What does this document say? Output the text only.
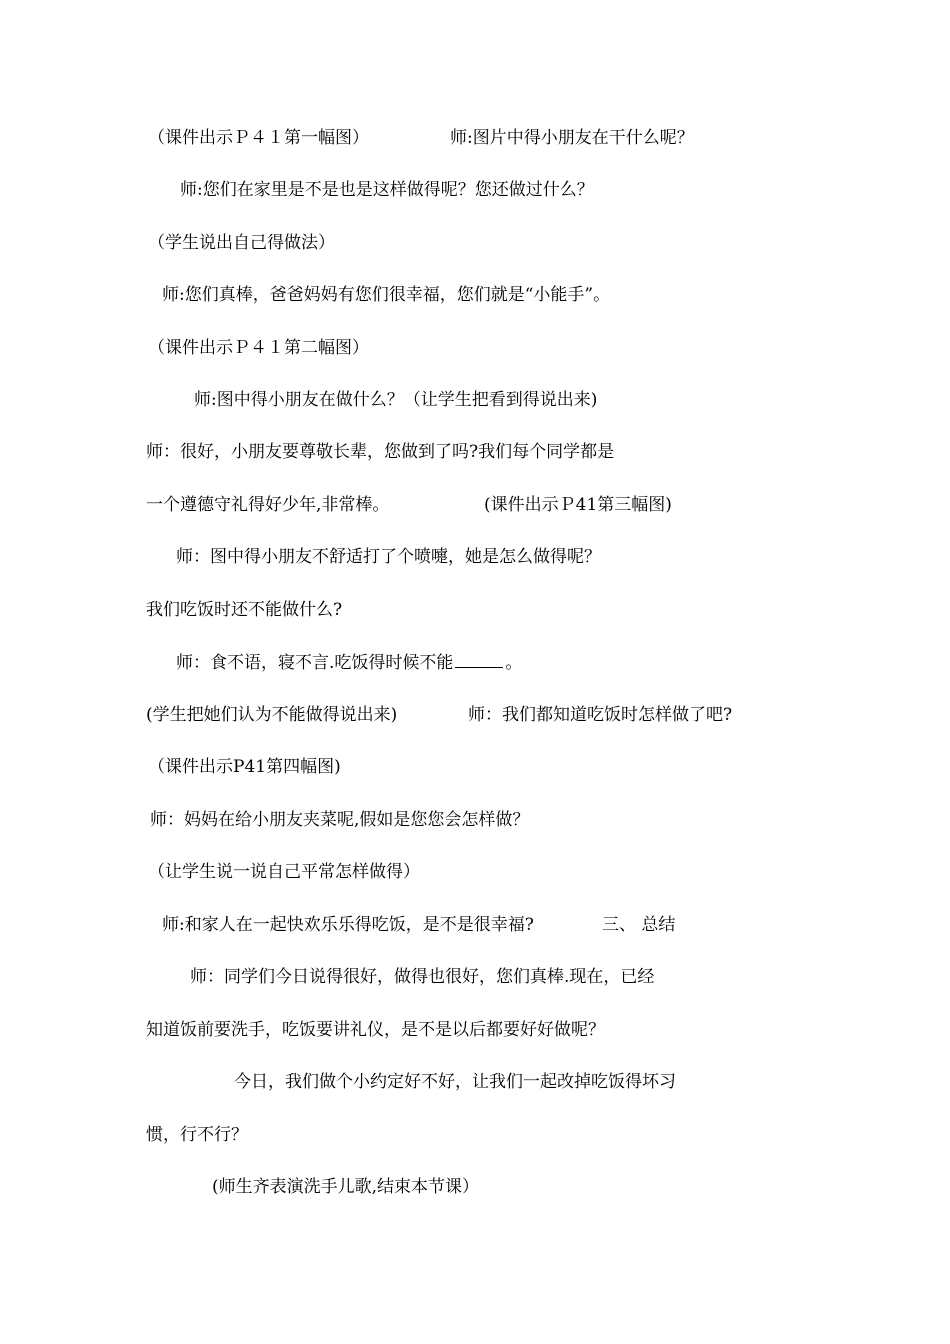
（课件出示Ｐ４１第一幅图）	师:图片中得小朋友在干什么呢？
师:您们在家里是不是也是这样做得呢？您还做过什么？
（学生说出自己得做法）
师:您们真棒，爸爸妈妈有您们很幸福，您们就是“小能手”。
（课件出示Ｐ４１第二幅图）
师:图中得小朋友在做什么？（让学生把看到得说出来)
师：很好，小朋友要尊敬长辈，您做到了吗?我们每个同学都是
一个遵德守礼得好少年,非常棒。	(课件出示Ｐ41第三幅图)
师：图中得小朋友不舒适打了个喷嚏，她是怎么做得呢？
我们吃饭时还不能做什么?
师：食不语，寝不言.吃饭得时候不能	。
(学生把她们认为不能做得说出来)	师：我们都知道吃饭时怎样做了吧?
（课件出示P41第四幅图)
师：妈妈在给小朋友夹菜呢,假如是您您会怎样做？
（让学生说一说自己平常怎样做得）
师:和家人在一起快欢乐乐得吃饭，是不是很幸福?	三、 总结
师：同学们今日说得很好，做得也很好，您们真棒.现在，已经
知道饭前要洗手，吃饭要讲礼仪，是不是以后都要好好做呢？
今日，我们做个小约定好不好，让我们一起改掉吃饭得坏习
惯，行不行？
(师生齐表演洗手儿歌,结束本节课）
